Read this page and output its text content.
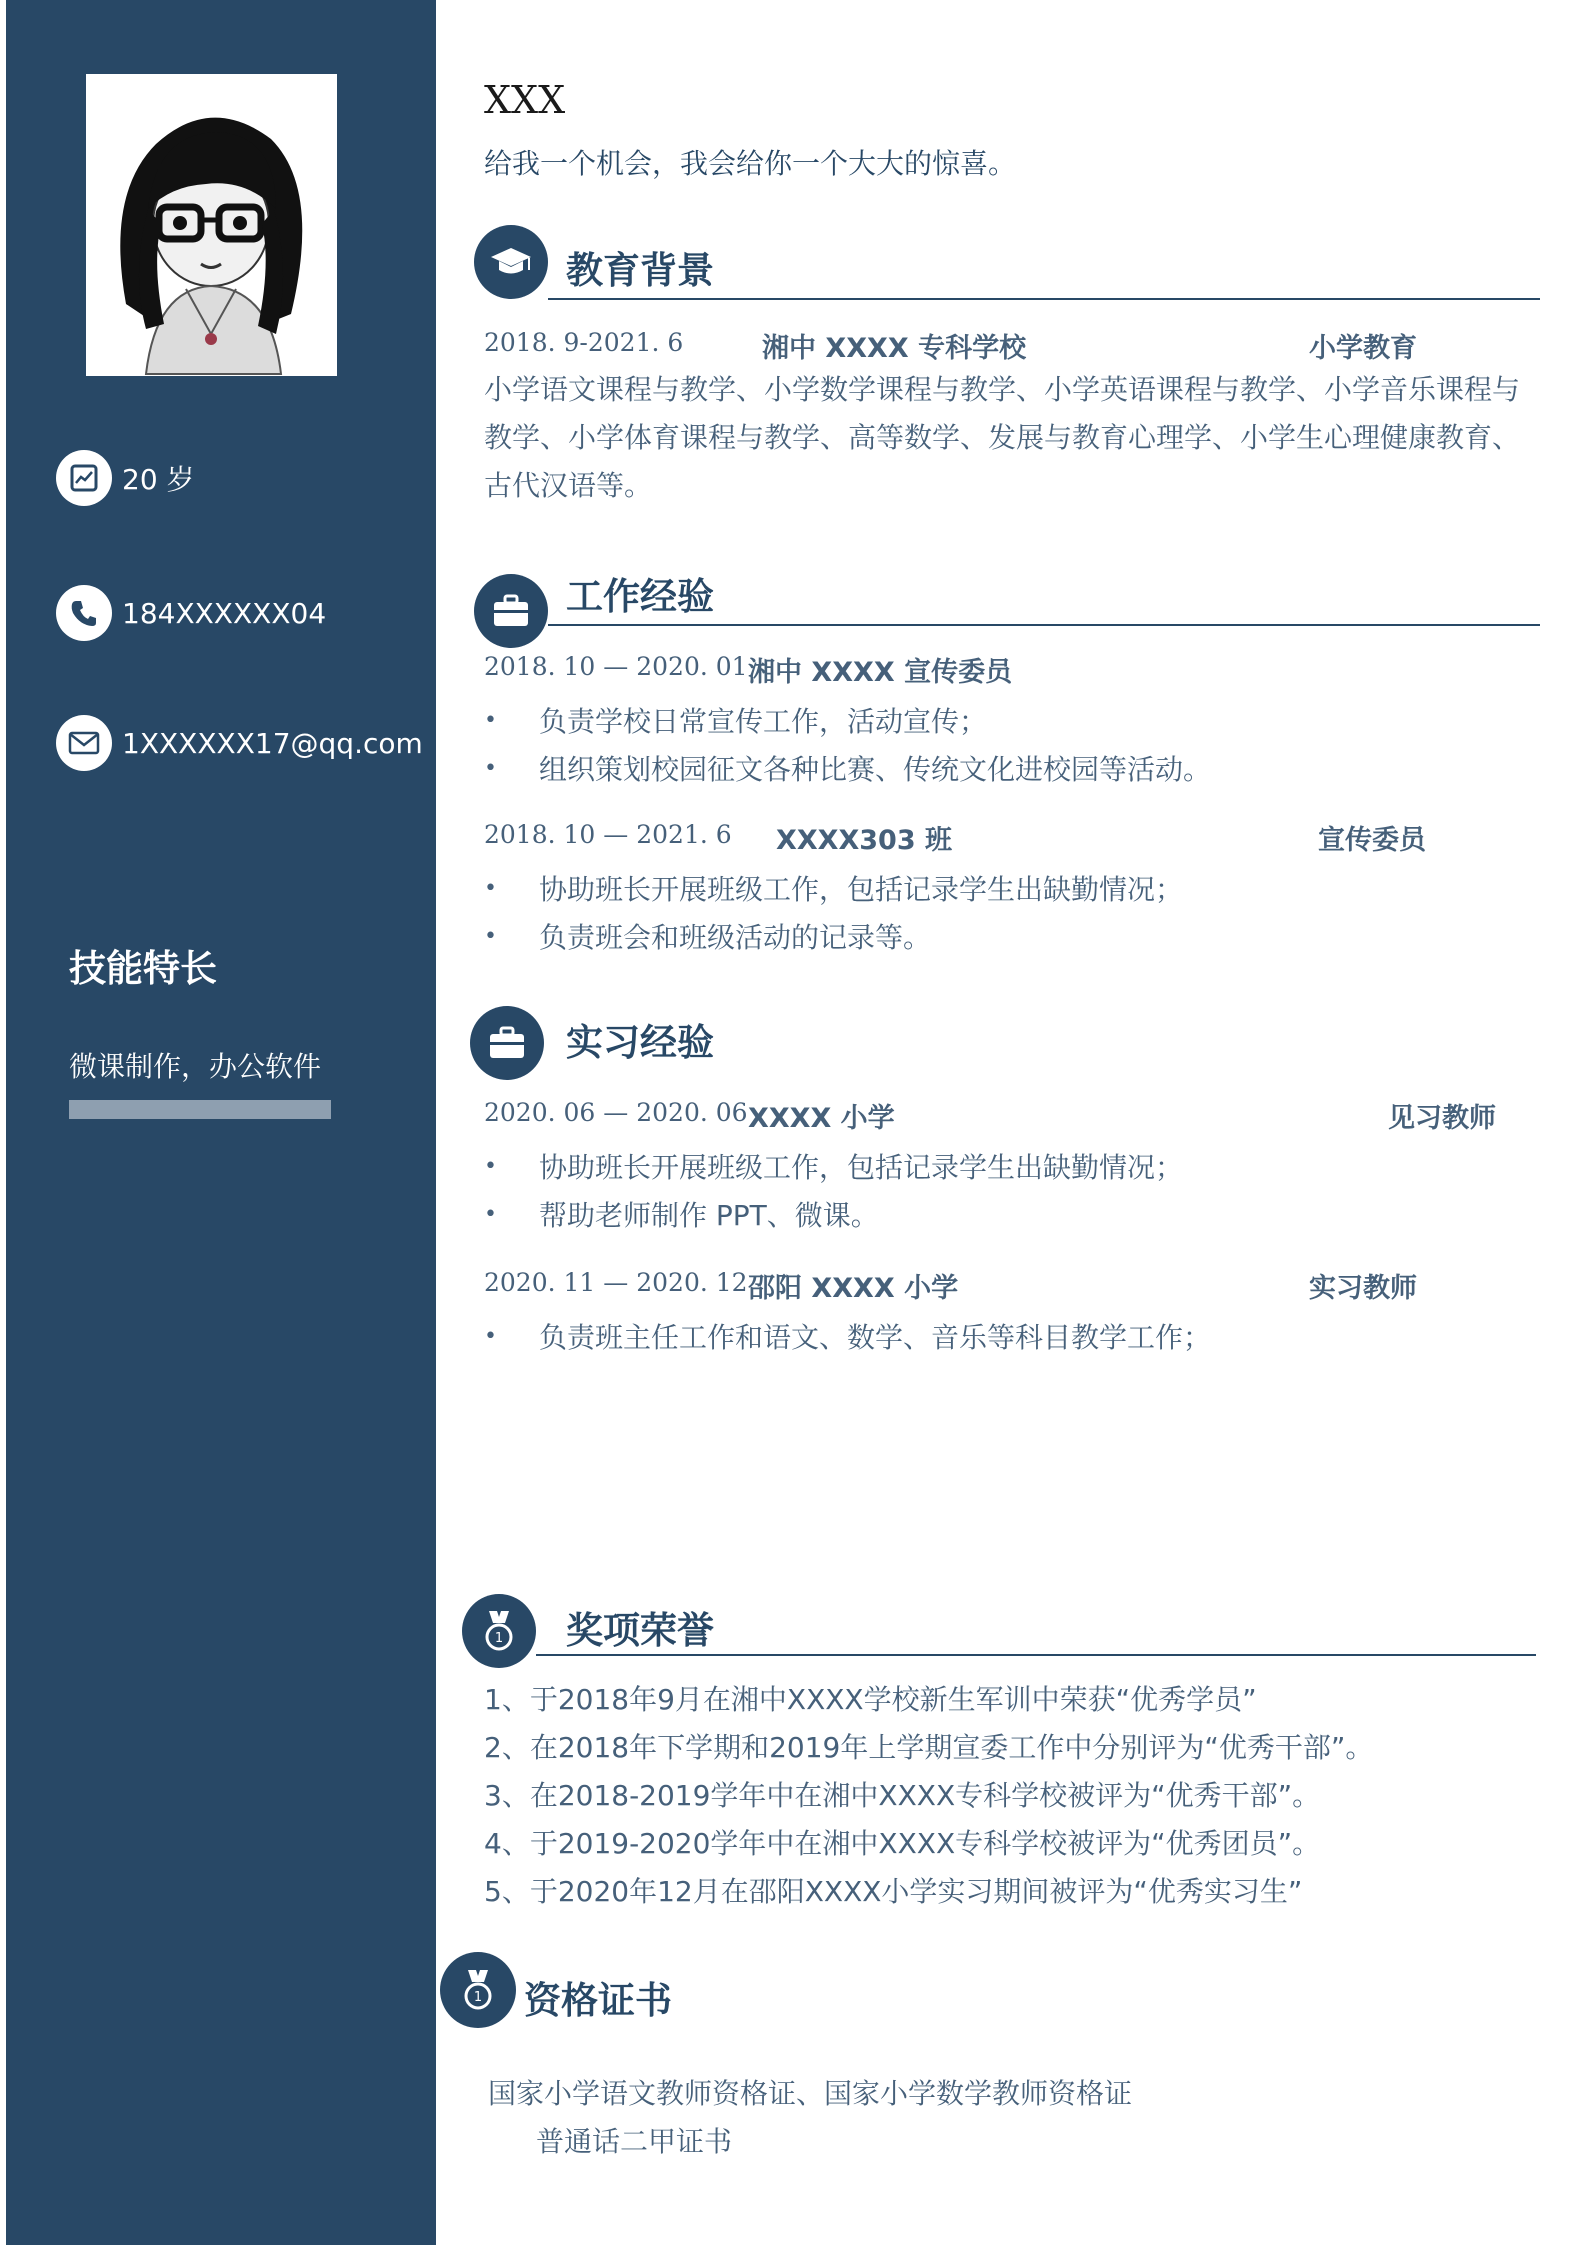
20 岁
184XXXXXX04
1XXXXXX17@qq.com
技能特长
微课制作，办公软件
XXX
给我一个机会，我会给你一个大大的惊喜。
教育背景
2018. 9-2021. 6	湘中 XXXX 专科学校	小学教育
小学语文课程与教学、小学数学课程与教学、小学英语课程与教学、小学音乐课程与教学、小学体育课程与教学、高等数学、发展与教育心理学、小学生心理健康教育、古代汉语等。
工作经验
2018. 10 — 2020. 01 湘中 XXXX 宣传委员
负责学校日常宣传工作，活动宣传；
组织策划校园征文各种比赛、传统文化进校园等活动。
2018. 10 — 2021. 6 XXXX303 班	宣传委员
协助班长开展班级工作，包括记录学生出缺勤情况；
负责班会和班级活动的记录等。
实习经验
2020. 06 — 2020. 06 XXXX 小学	见习教师
协助班长开展班级工作，包括记录学生出缺勤情况；
帮助老师制作 PPT、微课。
2020. 11 — 2020. 12 邵阳 XXXX 小学	实习教师
负责班主任工作和语文、数学、音乐等科目教学工作；
1 奖项荣誉
1、于2018年9月在湘中XXXX学校新生军训中荣获“优秀学员”
2、在2018年下学期和2019年上学期宣委工作中分别评为“优秀干部”。
3、在2018-2019学年中在湘中XXXX专科学校被评为“优秀干部”。
4、于2019-2020学年中在湘中XXXX专科学校被评为“优秀团员”。
5、于2020年12月在邵阳XXXX小学实习期间被评为“优秀实习生”
1 资格证书
国家小学语文教师资格证、国家小学数学教师资格证
普通话二甲证书
